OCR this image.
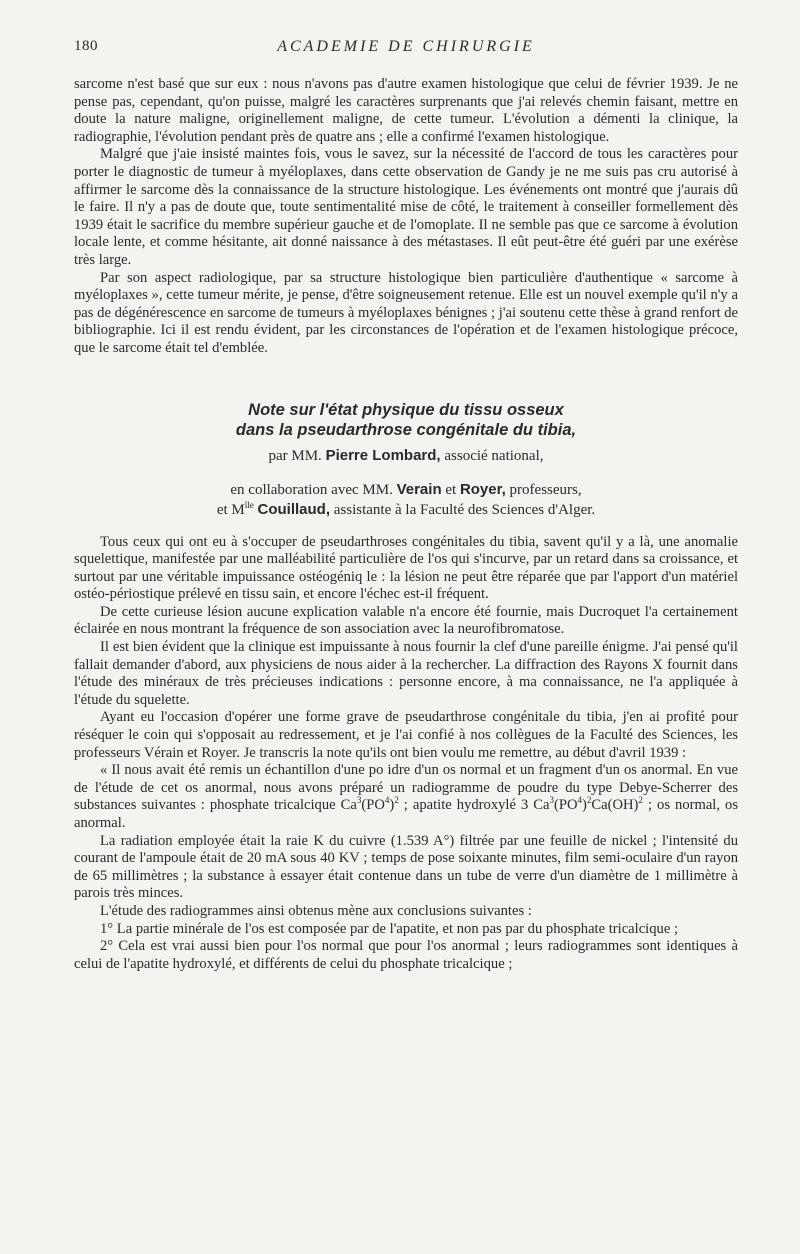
180	ACADEMIE DE CHIRURGIE

sarcome n'est basé que sur eux : nous n'avons pas d'autre examen histologique que celui de février 1939. Je ne pense pas, cependant, qu'on puisse, malgré les caractères surprenants que j'ai relevés chemin faisant, mettre en doute la nature maligne, originellement maligne, de cette tumeur. L'évolution a démenti la clinique, la radiographie, l'évolution pendant près de quatre ans ; elle a confirmé l'examen histologique.

Malgré que j'aie insisté maintes fois, vous le savez, sur la nécessité de l'accord de tous les caractères pour porter le diagnostic de tumeur à myéloplaxes, dans cette observation de Gandy je ne me suis pas cru autorisé à affirmer le sarcome dès la connaissance de la structure histologique. Les événements ont montré que j'aurais dû le faire. Il n'y a pas de doute que, toute sentimentalité mise de côté, le traitement à conseiller formellement dès 1939 était le sacrifice du membre supérieur gauche et de l'omoplate. Il ne semble pas que ce sarcome à évolution locale lente, et comme hésitante, ait donné naissance à des métastases. Il eût peut-être été guéri par une exérèse très large.

Par son aspect radiologique, par sa structure histologique bien particulière d'authentique « sarcome à myéloplaxes », cette tumeur mérite, je pense, d'être soigneusement retenue. Elle est un nouvel exemple qu'il n'y a pas de dégénérescence en sarcome de tumeurs à myéloplaxes bénignes ; j'ai soutenu cette thèse à grand renfort de bibliographie. Ici il est rendu évident, par les circonstances de l'opération et de l'examen histologique précoce, que le sarcome était tel d'emblée.

Note sur l'état physique du tissu osseux
dans la pseudarthrose congénitale du tibia,

par MM. Pierre Lombard, associé national,

en collaboration avec MM. Verain et Royer, professeurs,

et $M^{lle}$ Couillaud, assistante à la Faculté des Sciences d'Alger.

Tous ceux qui ont eu à s'occuper de pseudarthroses congénitales du tibia, savent qu'il y a là, une anomalie squelettique, manifestée par une malléabilité particulière de l'os qui s'incurve, par un retard dans sa croissance, et surtout par une véritable impuissance ostéogéniq le : la lésion ne peut être réparée que par l'apport d'un matériel ostéo-périostique prélevé en tissu sain, et encore l'échec est-il fréquent.

De cette curieuse lésion aucune explication valable n'a encore été fournie, mais Ducroquet l'a certainement éclairée en nous montrant la fréquence de son association avec la neurofibromatose.

Il est bien évident que la clinique est impuissante à nous fournir la clef d'une pareille énigme. J'ai pensé qu'il fallait demander d'abord, aux physiciens de nous aider à la rechercher. La diffraction des Rayons X fournit dans l'étude des minéraux de très précieuses indications : personne encore, à ma connaissance, ne l'a appliquée à l'étude du squelette.

Ayant eu l'occasion d'opérer une forme grave de pseudarthrose congénitale du tibia, j'en ai profité pour réséquer le coin qui s'opposait au redressement, et je l'ai confié à nos collègues de la Faculté des Sciences, les professeurs Vérain et Royer. Je transcris la note qu'ils ont bien voulu me remettre, au début d'avril 1939 :

« Il nous avait été remis un échantillon d'une po idre d'un os normal et un fragment d'un os anormal. En vue de l'étude de cet os anormal, nous avons préparé un radiogramme de poudre du type Debye-Scherrer des substances suivantes : phosphate tricalcique $Ca^3(PO^4)^2$ ; apatite hydroxylé 3 $Ca^3(PO^4)^2Ca(OH)^2$ ; os normal, os anormal.

La radiation employée était la raie K du cuivre (1.539 A°) filtrée par une feuille de nickel ; l'intensité du courant de l'ampoule était de 20 mA sous 40 KV ; temps de pose soixante minutes, film semi-oculaire d'un rayon de 65 millimètres ; la substance à essayer était contenue dans un tube de verre d'un diamètre de 1 millimètre à parois très minces.

L'étude des radiogrammes ainsi obtenus mène aux conclusions suivantes :

1° La partie minérale de l'os est composée par de l'apatite, et non pas par du phosphate tricalcique ;

2° Cela est vrai aussi bien pour l'os normal que pour l'os anormal ; leurs radiogrammes sont identiques à celui de l'apatite hydroxylé, et différents de celui du phosphate tricalcique ;
